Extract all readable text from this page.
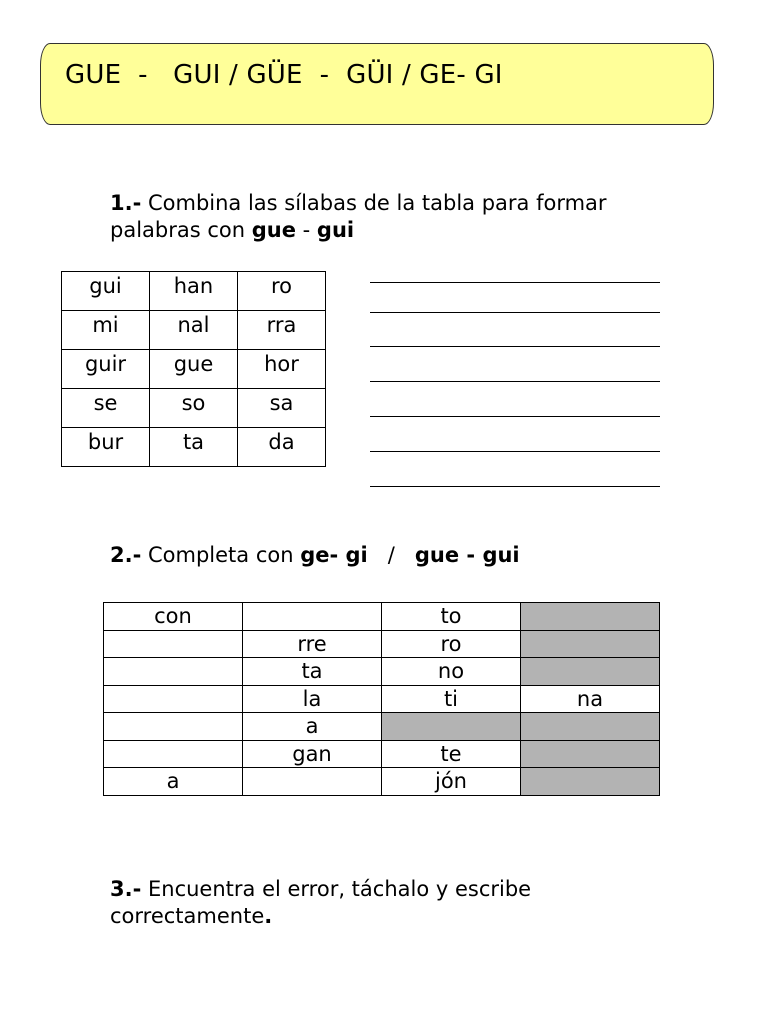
GUE  -   GUI / GÜE  -  GÜI / GE- GI
1.- Combina las sílabas de la tabla para formar palabras con gue - gui
gui	han	ro
mi	nal	rra
guir	gue	hor
se	so	sa
bur	ta	da
2.- Completa con ge- gi   /   gue - gui
con		to	
	rre	ro	
	ta	no	
	la	ti	na
	a		
	gan	te	
a		jón	
3.- Encuentra el error, táchalo y escribe correctamente.
